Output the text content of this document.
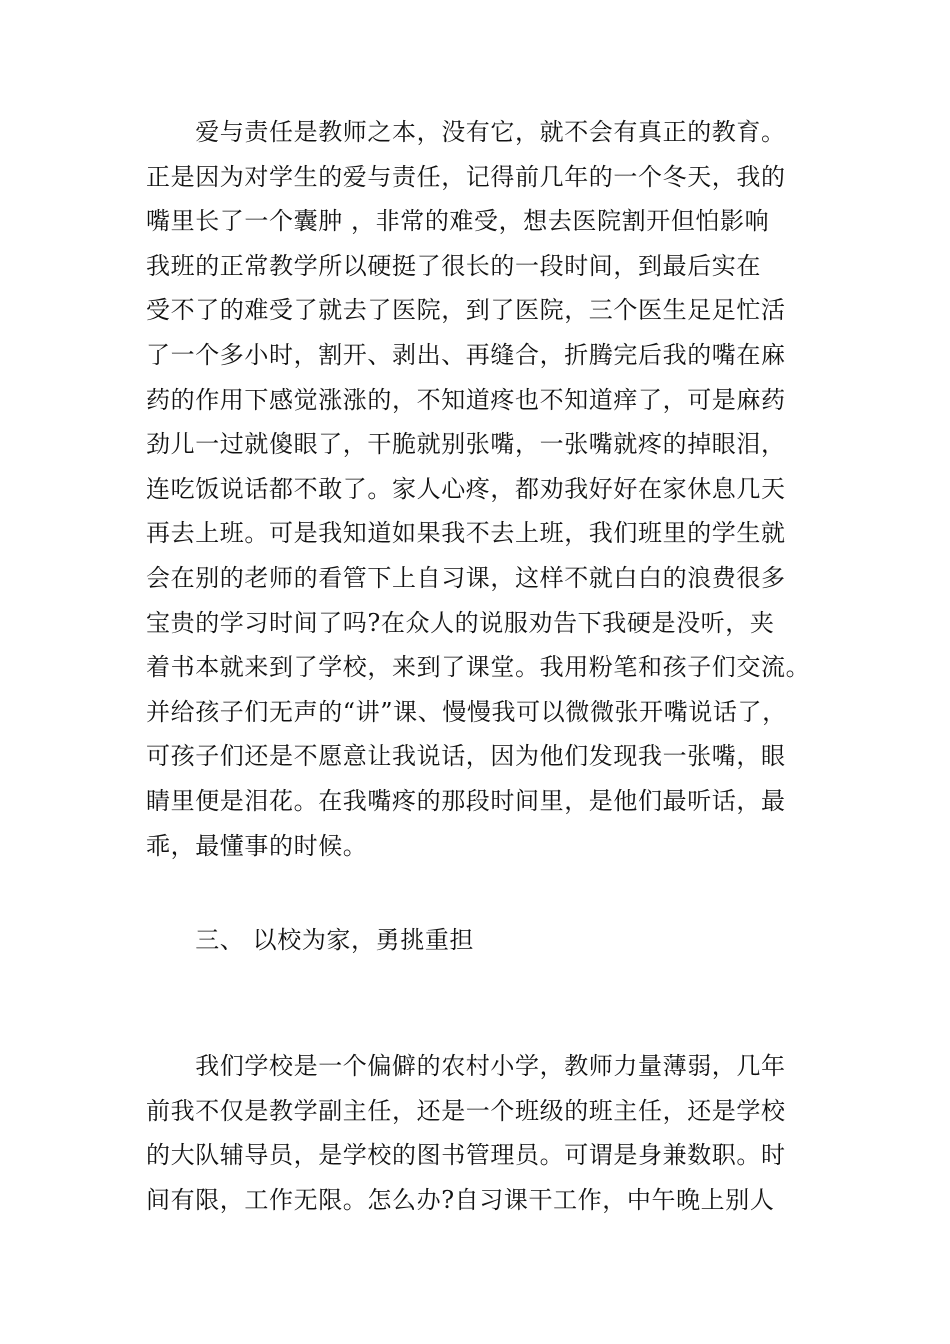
　　爱与责任是教师之本，没有它，就不会有真正的教育。
正是因为对学生的爱与责任，记得前几年的一个冬天，我的
嘴里长了一个囊肿 ，非常的难受，想去医院割开但怕影响
我班的正常教学所以硬挺了很长的一段时间，到最后实在
受不了的难受了就去了医院，到了医院，三个医生足足忙活
了一个多小时，割开、剥出、再缝合，折腾完后我的嘴在麻
药的作用下感觉涨涨的，不知道疼也不知道痒了，可是麻药
劲儿一过就傻眼了，干脆就别张嘴，一张嘴就疼的掉眼泪，
连吃饭说话都不敢了。家人心疼，都劝我好好在家休息几天
再去上班。可是我知道如果我不去上班，我们班里的学生就
会在别的老师的看管下上自习课，这样不就白白的浪费很多
宝贵的学习时间了吗?在众人的说服劝告下我硬是没听，夹
着书本就来到了学校，来到了课堂。我用粉笔和孩子们交流。
并给孩子们无声的“讲”课、慢慢我可以微微张开嘴说话了，
可孩子们还是不愿意让我说话，因为他们发现我一张嘴，眼
睛里便是泪花。在我嘴疼的那段时间里，是他们最听话，最
乖，最懂事的时候。

　　三、 以校为家，勇挑重担

　　我们学校是一个偏僻的农村小学，教师力量薄弱，几年
前我不仅是教学副主任，还是一个班级的班主任，还是学校
的大队辅导员，是学校的图书管理员。可谓是身兼数职。时
间有限，工作无限。怎么办?自习课干工作，中午晚上别人
